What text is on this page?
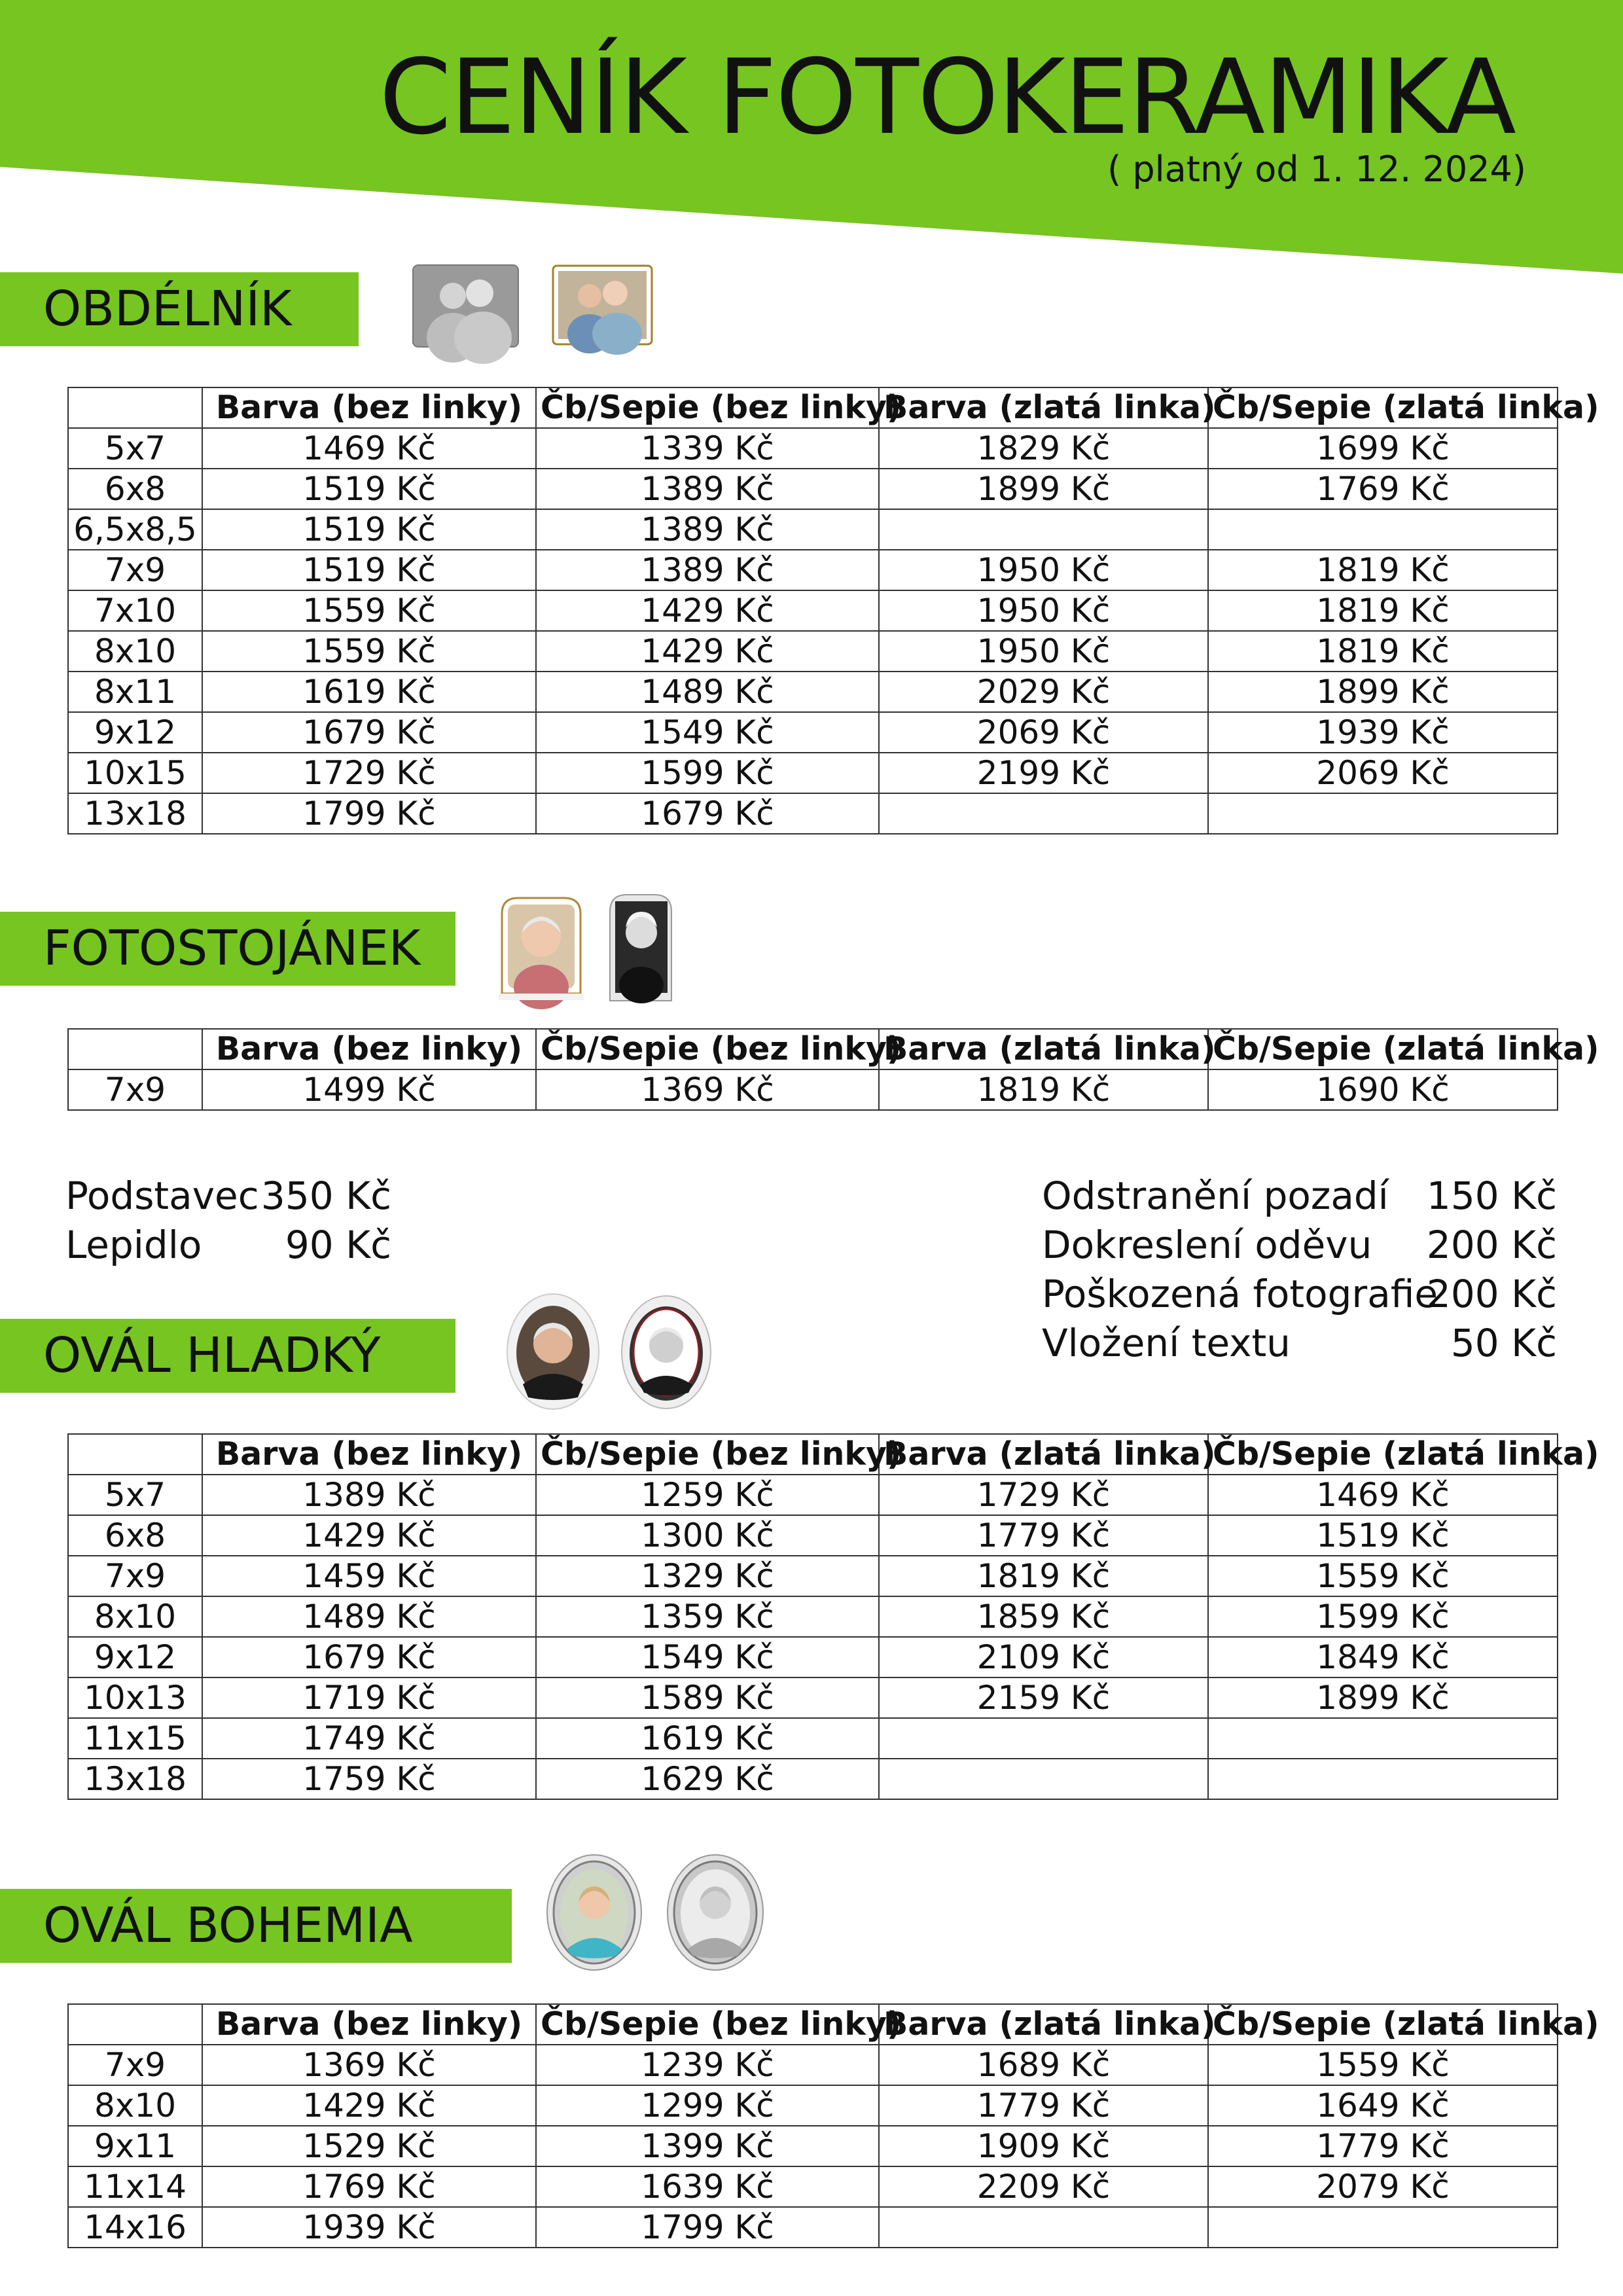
CENÍK FOTOKERAMIKA
( platný od 1. 12. 2024)
OBDÉLNÍK
	Barva (bez linky)	Čb/Sepie (bez linky)	Barva (zlatá linka)	Čb/Sepie (zlatá linka)
5x7	1469 Kč	1339 Kč	1829 Kč	1699 Kč
6x8	1519 Kč	1389 Kč	1899 Kč	1769 Kč
6,5x8,5	1519 Kč	1389 Kč		
7x9	1519 Kč	1389 Kč	1950 Kč	1819 Kč
7x10	1559 Kč	1429 Kč	1950 Kč	1819 Kč
8x10	1559 Kč	1429 Kč	1950 Kč	1819 Kč
8x11	1619 Kč	1489 Kč	2029 Kč	1899 Kč
9x12	1679 Kč	1549 Kč	2069 Kč	1939 Kč
10x15	1729 Kč	1599 Kč	2199 Kč	2069 Kč
13x18	1799 Kč	1679 Kč		
FOTOSTOJÁNEK
	Barva (bez linky)	Čb/Sepie (bez linky)	Barva (zlatá linka)	Čb/Sepie (zlatá linka)
7x9	1499 Kč	1369 Kč	1819 Kč	1690 Kč
Podstavec 350 Kč
Lepidlo 90 Kč
Odstranění pozadí 150 Kč
Dokreslení oděvu 200 Kč
Poškozená fotografie
200 Kč
Vložení textu	50 Kč
OVÁL HLADKÝ
	Barva (bez linky)	Čb/Sepie (bez linky)	Barva (zlatá linka)	Čb/Sepie (zlatá linka)
5x7	1389 Kč	1259 Kč	1729 Kč	1469 Kč
6x8	1429 Kč	1300 Kč	1779 Kč	1519 Kč
7x9	1459 Kč	1329 Kč	1819 Kč	1559 Kč
8x10	1489 Kč	1359 Kč	1859 Kč	1599 Kč
9x12	1679 Kč	1549 Kč	2109 Kč	1849 Kč
10x13	1719 Kč	1589 Kč	2159 Kč	1899 Kč
11x15	1749 Kč	1619 Kč		
13x18	1759 Kč	1629 Kč		
OVÁL BOHEMIA
	Barva (bez linky)	Čb/Sepie (bez linky)	Barva (zlatá linka)	Čb/Sepie (zlatá linka)
7x9	1369 Kč	1239 Kč	1689 Kč	1559 Kč
8x10	1429 Kč	1299 Kč	1779 Kč	1649 Kč
9x11	1529 Kč	1399 Kč	1909 Kč	1779 Kč
11x14	1769 Kč	1639 Kč	2209 Kč	2079 Kč
14x16	1939 Kč	1799 Kč		
